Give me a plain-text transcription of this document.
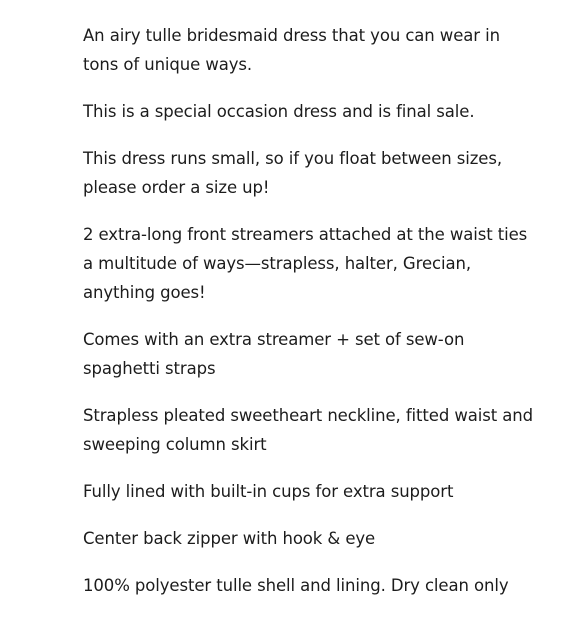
An airy tulle bridesmaid dress that you can wear in
tons of unique ways.

This is a special occasion dress and is final sale.

This dress runs small, so if you float between sizes,
please order a size up!

2 extra-long front streamers attached at the waist ties
a multitude of ways—strapless, halter, Grecian,
anything goes!

Comes with an extra streamer + set of sew-on
spaghetti straps

Strapless pleated sweetheart neckline, fitted waist and
sweeping column skirt

Fully lined with built-in cups for extra support

Center back zipper with hook & eye

100% polyester tulle shell and lining. Dry clean only
